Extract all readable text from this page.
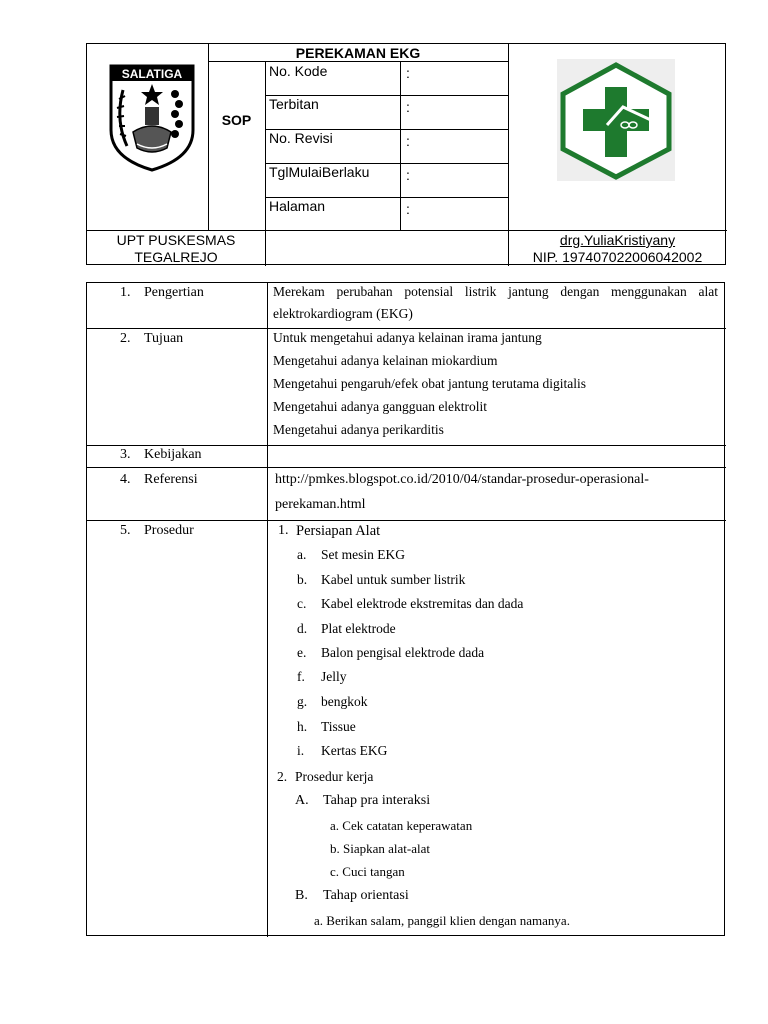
SALATIGA
PEREKAMAN EKG
SOP
No. Kode	:
Terbitan	:
No. Revisi	:
TglMulaiBerlaku	:
Halaman	:
UPT PUSKESMAS
TEGALREJO
drg.YuliaKristiyany
NIP. 197407022006042002
1. Pengertian	Merekam perubahan potensial listrik jantung dengan menggunakan alat
elektrokardiogram (EKG)
2. Tujuan	Untuk mengetahui adanya kelainan irama jantung
Mengetahui adanya kelainan miokardium
Mengetahui pengaruh/efek obat jantung terutama digitalis
Mengetahui adanya gangguan elektrolit
Mengetahui adanya perikarditis
3. Kebijakan
4. Referensi	http://pmkes.blogspot.co.id/2010/04/standar-prosedur-operasional-
perekaman.html
5. Prosedur	1. Persiapan Alat
a. Set mesin EKG
b. Kabel untuk sumber listrik
c. Kabel elektrode ekstremitas dan dada
d. Plat elektrode
e. Balon pengisal elektrode dada
f. Jelly
g. bengkok
h. Tissue
i. Kertas EKG
2. Prosedur kerja
A. Tahap pra interaksi
a. Cek catatan keperawatan
b. Siapkan alat-alat
c. Cuci tangan
B. Tahap orientasi
a. Berikan salam, panggil klien dengan namanya.
